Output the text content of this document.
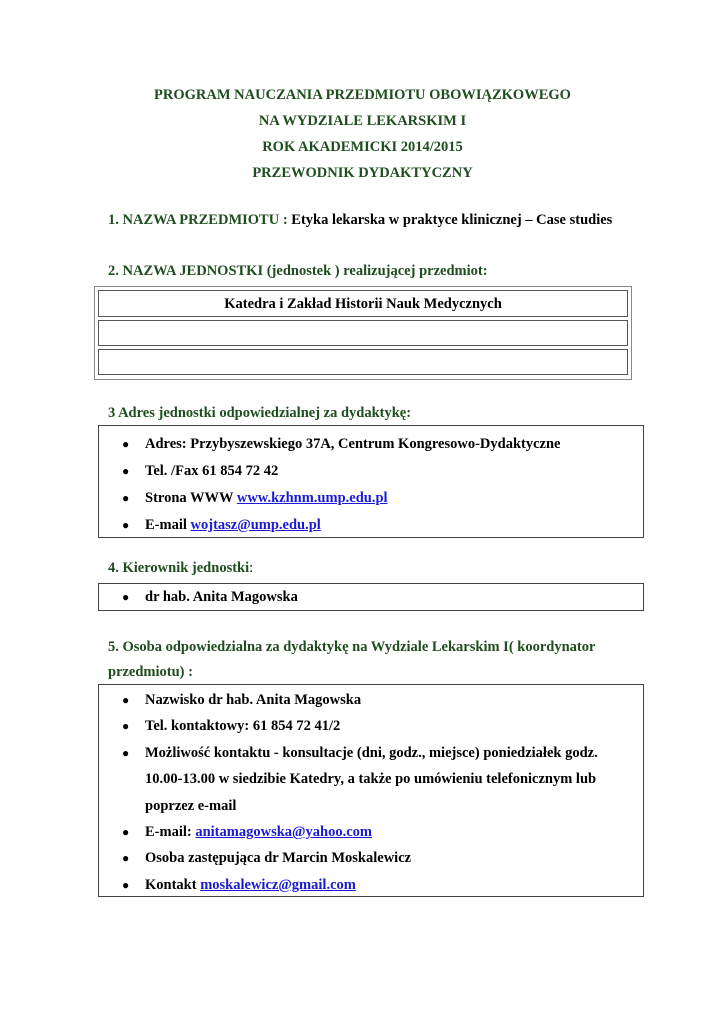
PROGRAM NAUCZANIA PRZEDMIOTU OBOWIĄZKOWEGO
NA WYDZIALE LEKARSKIM I
ROK AKADEMICKI 2014/2015
PRZEWODNIK DYDAKTYCZNY
1. NAZWA PRZEDMIOTU : Etyka lekarska w praktyce klinicznej – Case studies
2. NAZWA JEDNOSTKI (jednostek ) realizującej przedmiot:
Katedra i Zakład Historii Nauk Medycznych
3 Adres jednostki odpowiedzialnej za dydaktykę:
● Adres: Przybyszewskiego 37A, Centrum Kongresowo-Dydaktyczne
● Tel. /Fax 61 854 72 42
● Strona WWW www.kzhnm.ump.edu.pl
● E-mail wojtasz@ump.edu.pl
4. Kierownik jednostki:
● dr hab. Anita Magowska
5. Osoba odpowiedzialna za dydaktykę na Wydziale Lekarskim I( koordynator
przedmiotu) :
● Nazwisko dr hab. Anita Magowska
● Tel. kontaktowy: 61 854 72 41/2
● Możliwość kontaktu - konsultacje (dni, godz., miejsce) poniedziałek godz.
10.00-13.00 w siedzibie Katedry, a także po umówieniu telefonicznym lub
poprzez e-mail
● E-mail: anitamagowska@yahoo.com
● Osoba zastępująca dr Marcin Moskalewicz
● Kontakt moskalewicz@gmail.com
